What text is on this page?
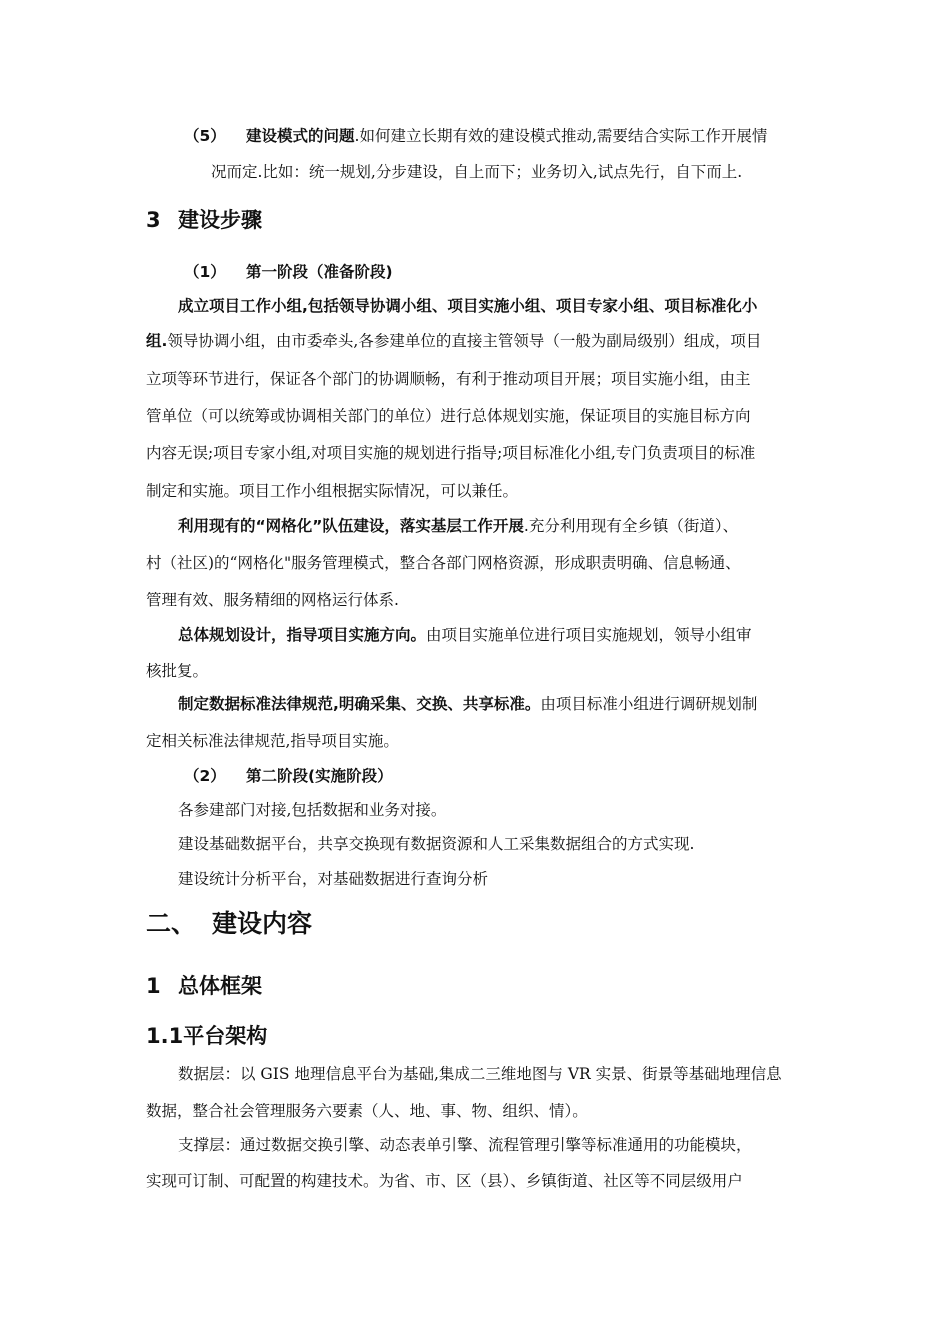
（5） 建设模式的问题.如何建立长期有效的建设模式推动,需要结合实际工作开展情
况而定.比如：统一规划,分步建设，自上而下；业务切入,试点先行，自下而上.
3 建设步骤
（1） 第一阶段（准备阶段)
成立项目工作小组,包括领导协调小组、项目实施小组、项目专家小组、项目标准化小
组.领导协调小组，由市委牵头,各参建单位的直接主管领导（一般为副局级别）组成，项目
立项等环节进行，保证各个部门的协调顺畅，有利于推动项目开展；项目实施小组，由主
管单位（可以统筹或协调相关部门的单位）进行总体规划实施，保证项目的实施目标方向
内容无误;项目专家小组,对项目实施的规划进行指导;项目标准化小组,专门负责项目的标准
制定和实施。项目工作小组根据实际情况，可以兼任。
利用现有的“网格化”队伍建设，落实基层工作开展.充分利用现有全乡镇（街道）、
村（社区)的“网格化"服务管理模式，整合各部门网格资源，形成职责明确、信息畅通、
管理有效、服务精细的网格运行体系.
总体规划设计，指导项目实施方向。由项目实施单位进行项目实施规划，领导小组审
核批复。
制定数据标准法律规范,明确采集、交换、共享标准。由项目标准小组进行调研规划制
定相关标准法律规范,指导项目实施。
（2） 第二阶段(实施阶段）
各参建部门对接,包括数据和业务对接。
建设基础数据平台，共享交换现有数据资源和人工采集数据组合的方式实现.
建设统计分析平台，对基础数据进行查询分析
二、 建设内容
1 总体框架
1.1平台架构
数据层：以 GIS 地理信息平台为基础,集成二三维地图与 VR 实景、街景等基础地理信息
数据，整合社会管理服务六要素（人、地、事、物、组织、情）。
支撑层：通过数据交换引擎、动态表单引擎、流程管理引擎等标准通用的功能模块，
实现可订制、可配置的构建技术。为省、市、区（县）、乡镇街道、社区等不同层级用户
